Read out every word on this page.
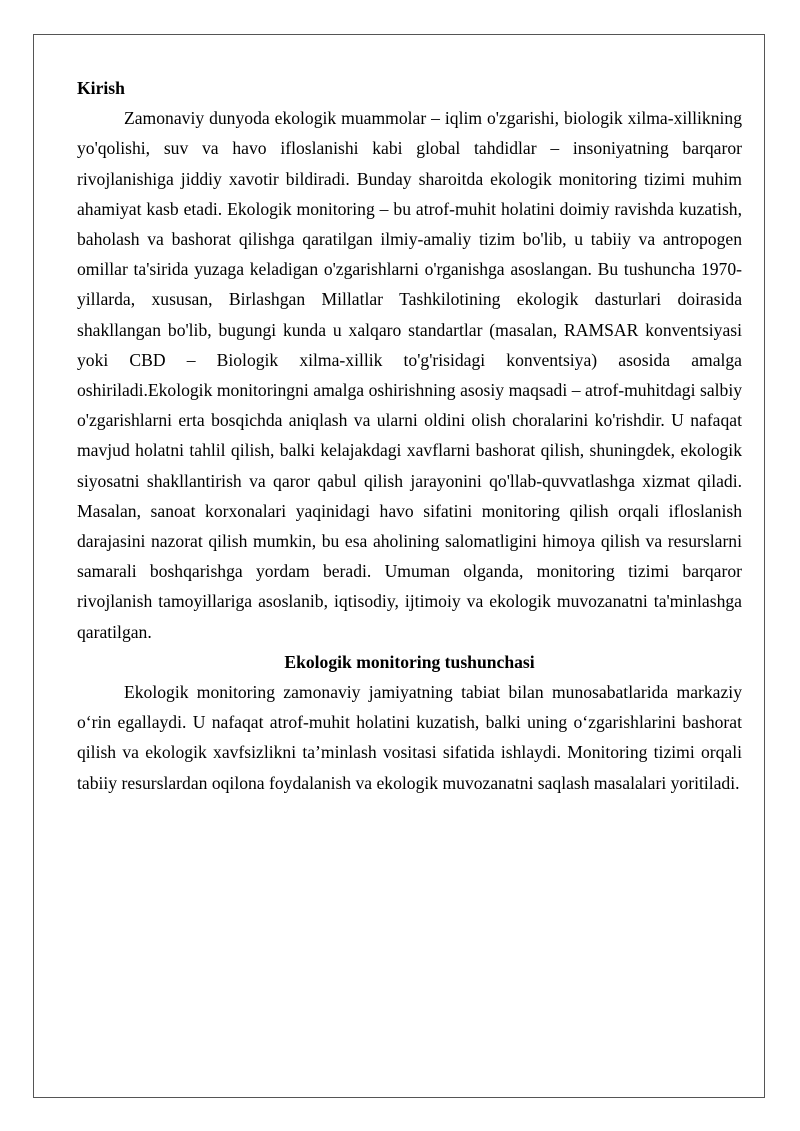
Kirish

Zamonaviy dunyoda ekologik muammolar – iqlim o'zgarishi, biologik xilma-xillikning yo'qolishi, suv va havo ifloslanishi kabi global tahdidlar – insoniyatning barqaror rivojlanishiga jiddiy xavotir bildiradi. Bunday sharoitda ekologik monitoring tizimi muhim ahamiyat kasb etadi. Ekologik monitoring – bu atrof-muhit holatini doimiy ravishda kuzatish, baholash va bashorat qilishga qaratilgan ilmiy-amaliy tizim bo'lib, u tabiiy va antropogen omillar ta'sirida yuzaga keladigan o'zgarishlarni o'rganishga asoslangan. Bu tushuncha 1970-yillarda, xususan, Birlashgan Millatlar Tashkilotining ekologik dasturlari doirasida shakllangan bo'lib, bugungi kunda u xalqaro standartlar (masalan, RAMSAR konventsiyasi yoki CBD – Biologik xilma-xillik to'g'risidagi konventsiya) asosida amalga oshiriladi.Ekologik monitoringni amalga oshirishning asosiy maqsadi – atrof-muhitdagi salbiy o'zgarishlarni erta bosqichda aniqlash va ularni oldini olish choralarini ko'rishdir. U nafaqat mavjud holatni tahlil qilish, balki kelajakdagi xavflarni bashorat qilish, shuningdek, ekologik siyosatni shakllantirish va qaror qabul qilish jarayonini qo'llab-quvvatlashga xizmat qiladi. Masalan, sanoat korxonalari yaqinidagi havo sifatini monitoring qilish orqali ifloslanish darajasini nazorat qilish mumkin, bu esa aholining salomatligini himoya qilish va resurslarni samarali boshqarishga yordam beradi. Umuman olganda, monitoring tizimi barqaror rivojlanish tamoyillariga asoslanib, iqtisodiy, ijtimoiy va ekologik muvozanatni ta'minlashga qaratilgan.

Ekologik monitoring tushunchasi

Ekologik monitoring zamonaviy jamiyatning tabiat bilan munosabatlarida markaziy o‘rin egallaydi. U nafaqat atrof-muhit holatini kuzatish, balki uning o‘zgarishlarini bashorat qilish va ekologik xavfsizlikni ta’minlash vositasi sifatida ishlaydi. Monitoring tizimi orqali tabiiy resurslardan oqilona foydalanish va ekologik muvozanatni saqlash masalalari yoritiladi.
